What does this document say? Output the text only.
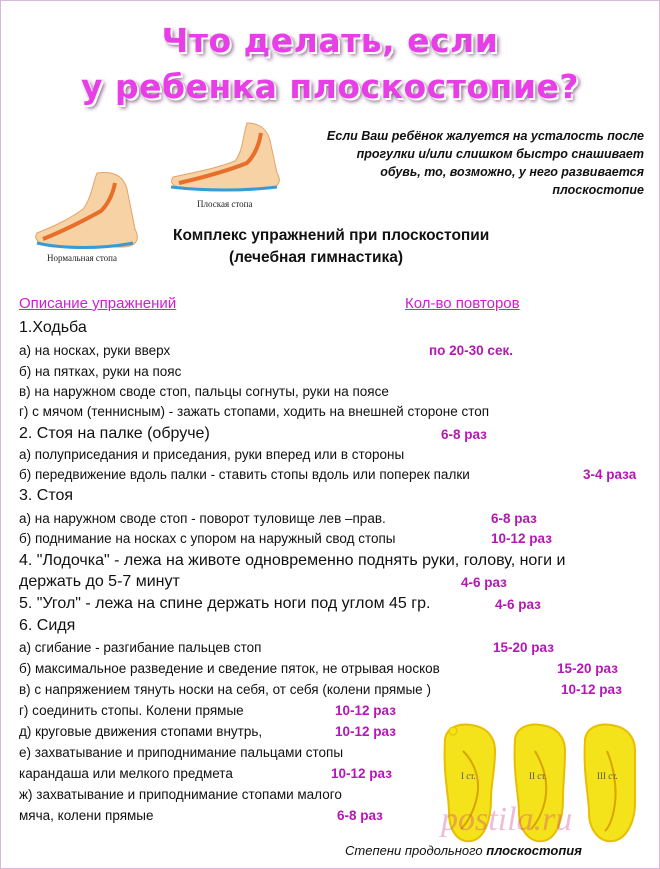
Что делать, если
у ребенка плоскостопие?
Нормальная стопа
Плоская стопа
Если Ваш ребёнок жалуется на усталость после
прогулки и/или слишком быстро снашивает
обувь, то, возможно, у него развивается
плоскостопие
Комплекс упражнений при плоскостопии
(лечебная гимнастика)
Описание упражнений	Кол-во повторов
1.Ходьба
а) на носках, руки вверх	по 20-30 сек.
б) на пятках, руки на пояс
в) на наружном своде стоп, пальцы согнуты, руки на поясе
г) с мячом (теннисным) - зажать стопами, ходить на внешней стороне стоп
2. Стоя на палке (обруче)	6-8 раз
а) полуприседания и приседания, руки вперед или в стороны
б) передвижение вдоль палки - ставить стопы вдоль или поперек палки	3-4 раза
3. Стоя
а) на наружном своде стоп - поворот туловище лев –прав.	6-8 раз
б) поднимание на носках с упором на наружный свод стопы	10-12 раз
4. "Лодочка" - лежа на животе одновременно поднять руки, голову, ноги и
держать до 5-7 минут	4-6 раз
5. "Угол" - лежа на спине держать ноги под углом 45 гр.	4-6 раз
6. Сидя
а) сгибание - разгибание пальцев стоп	15-20 раз
б) максимальное разведение и сведение пяток, не отрывая носков	15-20 раз
в) с напряжением тянуть носки на себя, от себя (колени прямые )	10-12 раз
г) соединить стопы. Колени прямые	10-12 раз
д) круговые движения стопами внутрь,	10-12 раз
е) захватывание и приподнимание пальцами стопы
карандаша или мелкого предмета	10-12 раз
ж) захватывание и приподнимание стопами малого
мяча, колени прямые	6-8 раз
I ст.	II ст.	III ст.
postila.ru
Степени продольного плоскостопия
